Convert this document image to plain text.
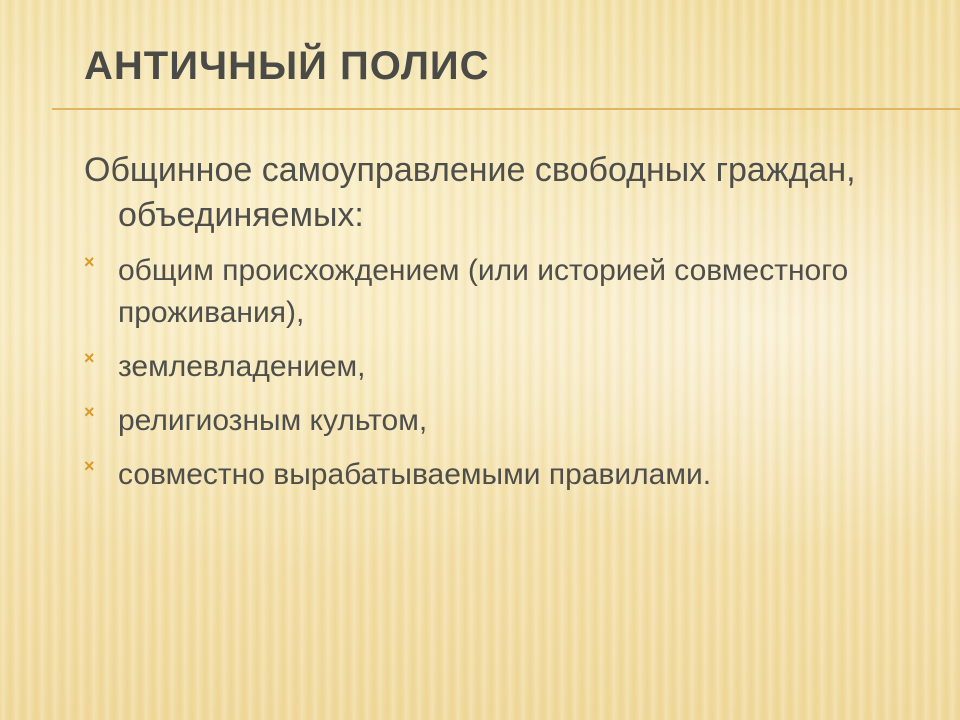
АНТИЧНЫЙ ПОЛИС

Общинное самоуправление свободных граждан, объединяемых:

× общим происхождением (или историей совместного проживания),
× землевладением,
× религиозным культом,
× совместно вырабатываемыми правилами.
